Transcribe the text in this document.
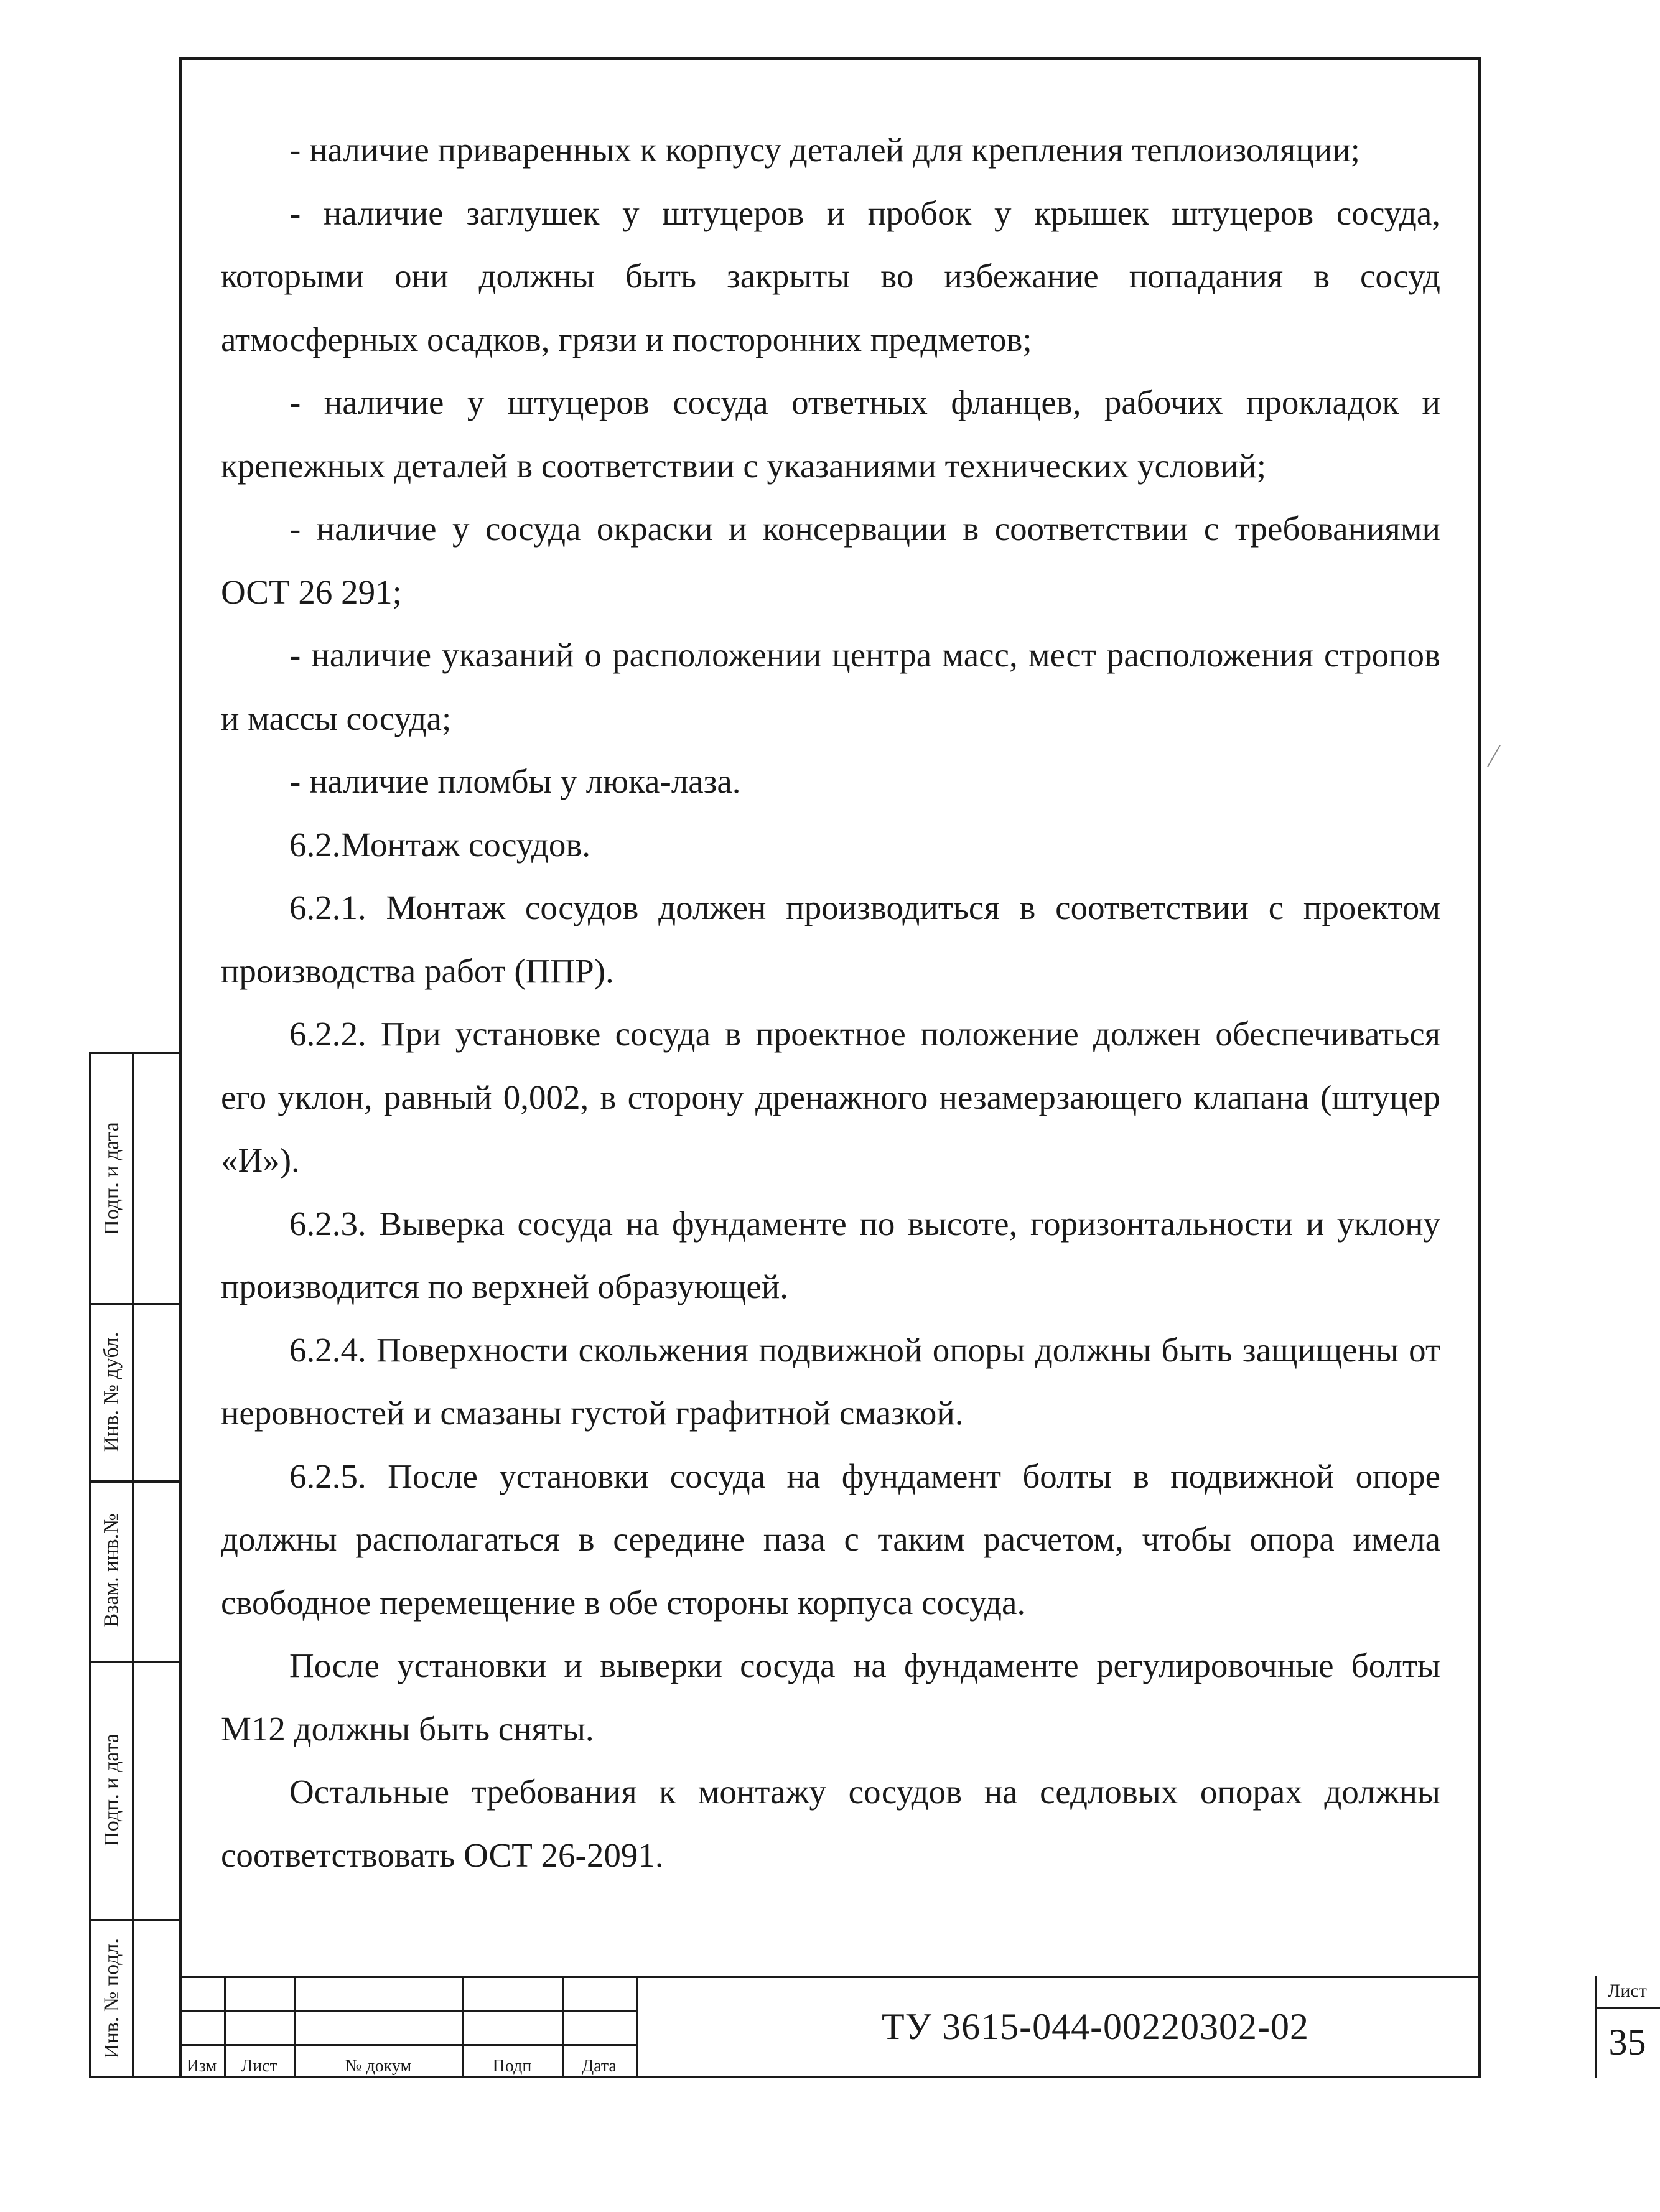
- наличие приваренных к корпусу деталей для крепления теплоизоляции;

- наличие заглушек у штуцеров и пробок у крышек штуцеров сосуда, которыми они должны быть закрыты во избежание попадания в сосуд атмосферных осадков, грязи и посторонних предметов;

- наличие у штуцеров сосуда ответных фланцев, рабочих прокладок и крепежных деталей в соответствии с указаниями технических условий;

- наличие у сосуда окраски и консервации в соответствии с требованиями ОСТ 26 291;

- наличие указаний о расположении центра масс, мест расположения стропов и массы сосуда;

- наличие пломбы у люка-лаза.

6.2.Монтаж сосудов.

6.2.1. Монтаж сосудов должен производиться в соответствии с проектом производства работ (ППР).

6.2.2. При установке сосуда в проектное положение должен обеспечиваться его уклон, равный 0,002, в сторону дренажного незамерзающего клапана (штуцер «И»).

6.2.3. Выверка сосуда на фундаменте по высоте, горизонтальности и уклону производится по верхней образующей.

6.2.4. Поверхности скольжения подвижной опоры должны быть защищены от неровностей и смазаны густой графитной смазкой.

6.2.5. После установки сосуда на фундамент болты в подвижной опоре должны располагаться в середине паза с таким расчетом, чтобы опора имела свободное перемещение в обе стороны корпуса сосуда.

После установки и выверки сосуда на фундаменте регулировочные болты М12 должны быть сняты.

Остальные требования к монтажу сосудов на седловых опорах должны соответствовать ОСТ 26-2091.

Подп. и дата
Инв. № дубл.
Взам. инв.№
Подп. и дата
Инв. № подл.
Изм	Лист	№ докум	Подп	Дата
ТУ 3615-044-00220302-02
Лист
35
